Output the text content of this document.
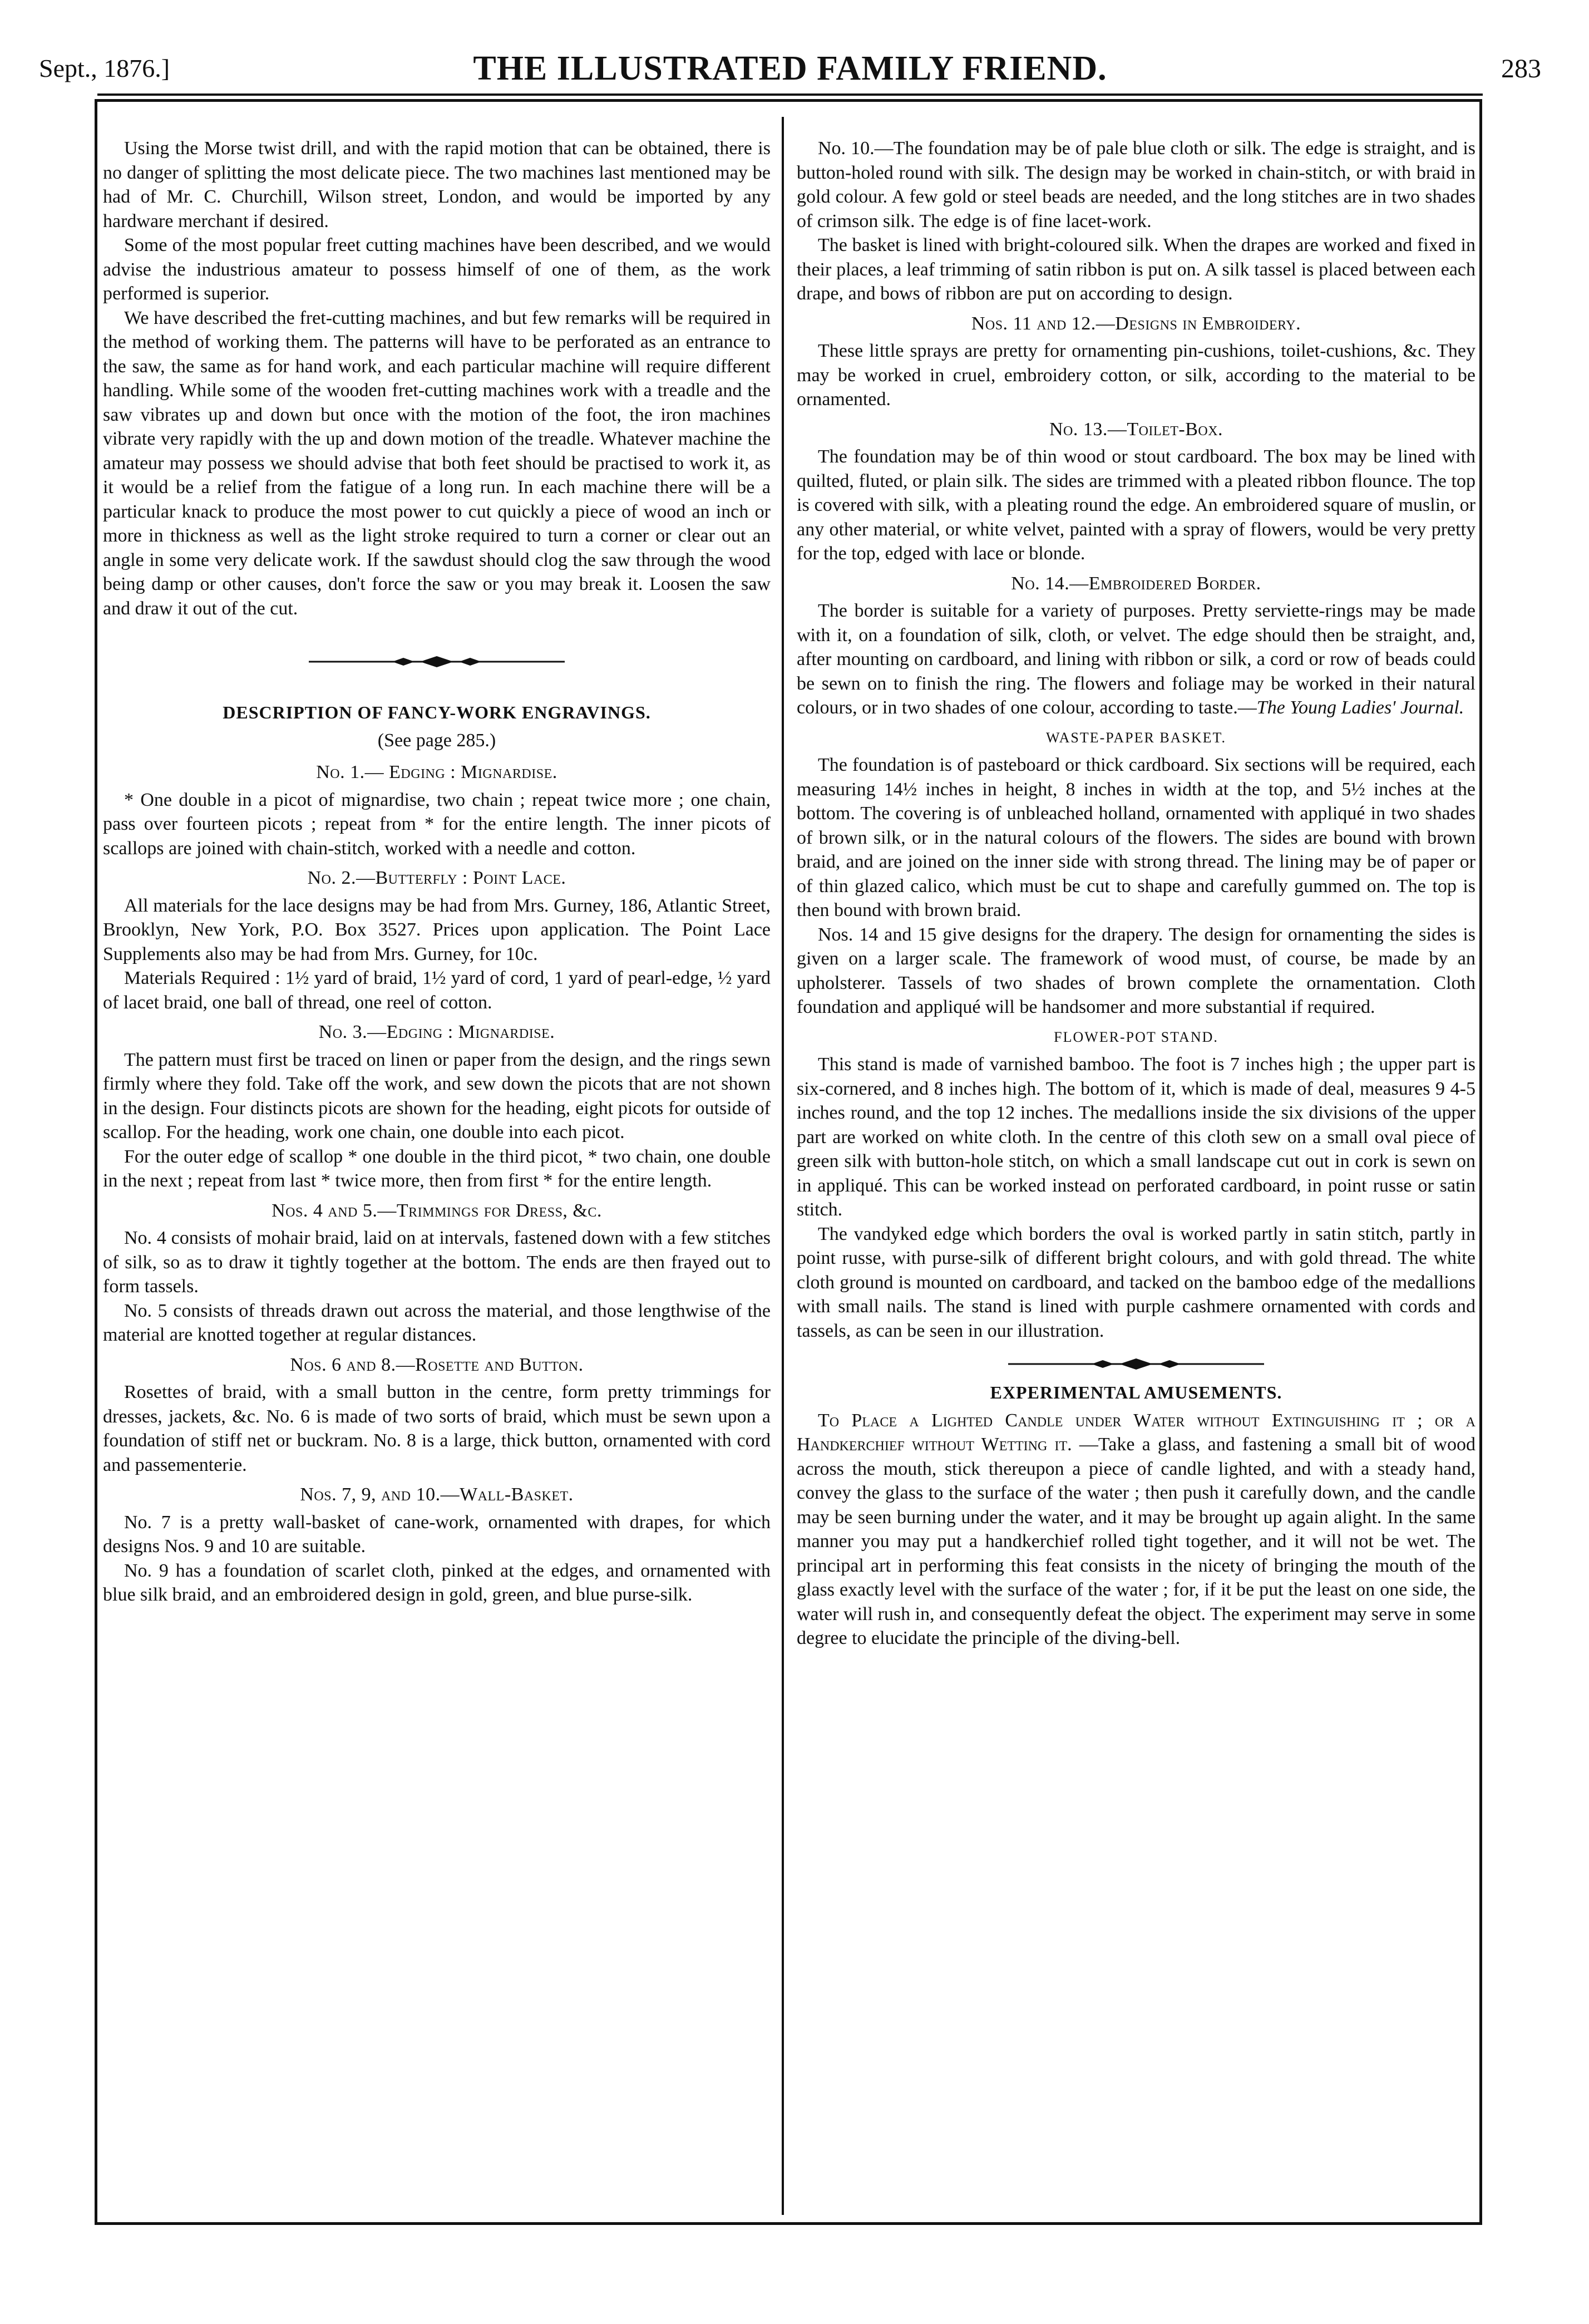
Sept., 1876.]	THE ILLUSTRATED FAMILY FRIEND.	283

Using the Morse twist drill, and with the rapid motion that can be obtained, there is no danger of splitting the most delicate piece. The two machines last mentioned may be had of Mr. C. Churchill, Wilson street, London, and would be imported by any hardware merchant if desired.

Some of the most popular freet cutting machines have been described, and we would advise the industrious amateur to possess himself of one of them, as the work performed is superior.

We have described the fret-cutting machines, and but few remarks will be required in the method of working them. The patterns will have to be perforated as an entrance to the saw, the same as for hand work, and each particular machine will require different handling. While some of the wooden fret-cutting machines work with a treadle and the saw vibrates up and down but once with the motion of the foot, the iron machines vibrate very rapidly with the up and down motion of the treadle. Whatever machine the amateur may possess we should advise that both feet should be practised to work it, as it would be a relief from the fatigue of a long run. In each machine there will be a particular knack to produce the most power to cut quickly a piece of wood an inch or more in thickness as well as the light stroke required to turn a corner or clear out an angle in some very delicate work. If the sawdust should clog the saw through the wood being damp or other causes, don't force the saw or you may break it. Loosen the saw and draw it out of the cut.

DESCRIPTION OF FANCY-WORK ENGRAVINGS.
(See page 285.)
No. 1.— Edging : Mignardise.

* One double in a picot of mignardise, two chain ; repeat twice more ; one chain, pass over fourteen picots ; repeat from * for the entire length. The inner picots of scallops are joined with chain-stitch, worked with a needle and cotton.

No. 2.—Butterfly : Point Lace.

All materials for the lace designs may be had from Mrs. Gurney, 186, Atlantic Street, Brooklyn, New York, P.O. Box 3527. Prices upon application. The Point Lace Supplements also may be had from Mrs. Gurney, for 10c.

Materials Required : 1½ yard of braid, 1½ yard of cord, 1 yard of pearl-edge, ½ yard of lacet braid, one ball of thread, one reel of cotton.

No. 3.—Edging : Mignardise.

The pattern must first be traced on linen or paper from the design, and the rings sewn firmly where they fold. Take off the work, and sew down the picots that are not shown in the design. Four distincts picots are shown for the heading, eight picots for outside of scallop. For the heading, work one chain, one double into each picot.

For the outer edge of scallop * one double in the third picot, * two chain, one double in the next ; repeat from last * twice more, then from first * for the entire length.

Nos. 4 and 5.—Trimmings for Dress, &c.

No. 4 consists of mohair braid, laid on at intervals, fastened down with a few stitches of silk, so as to draw it tightly together at the bottom. The ends are then frayed out to form tassels.

No. 5 consists of threads drawn out across the material, and those lengthwise of the material are knotted together at regular distances.

Nos. 6 and 8.—Rosette and Button.

Rosettes of braid, with a small button in the centre, form pretty trimmings for dresses, jackets, &c. No. 6 is made of two sorts of braid, which must be sewn upon a foundation of stiff net or buckram. No. 8 is a large, thick button, ornamented with cord and passementerie.

Nos. 7, 9, and 10.—Wall-Basket.

No. 7 is a pretty wall-basket of cane-work, ornamented with drapes, for which designs Nos. 9 and 10 are suitable.

No. 9 has a foundation of scarlet cloth, pinked at the edges, and ornamented with blue silk braid, and an embroidered design in gold, green, and blue purse-silk.

No. 10.—The foundation may be of pale blue cloth or silk. The edge is straight, and is button-holed round with silk. The design may be worked in chain-stitch, or with braid in gold colour. A few gold or steel beads are needed, and the long stitches are in two shades of crimson silk. The edge is of fine lacet-work.

The basket is lined with bright-coloured silk. When the drapes are worked and fixed in their places, a leaf trimming of satin ribbon is put on. A silk tassel is placed between each drape, and bows of ribbon are put on according to design.

Nos. 11 and 12.—Designs in Embroidery.

These little sprays are pretty for ornamenting pin-cushions, toilet-cushions, &c. They may be worked in cruel, embroidery cotton, or silk, according to the material to be ornamented.

No. 13.—Toilet-Box.

The foundation may be of thin wood or stout cardboard. The box may be lined with quilted, fluted, or plain silk. The sides are trimmed with a pleated ribbon flounce. The top is covered with silk, with a pleating round the edge. An embroidered square of muslin, or any other material, or white velvet, painted with a spray of flowers, would be very pretty for the top, edged with lace or blonde.

No. 14.—Embroidered Border.

The border is suitable for a variety of purposes. Pretty serviette-rings may be made with it, on a foundation of silk, cloth, or velvet. The edge should then be straight, and, after mounting on cardboard, and lining with ribbon or silk, a cord or row of beads could be sewn on to finish the ring. The flowers and foliage may be worked in their natural colours, or in two shades of one colour, according to taste.—The Young Ladies' Journal.

WASTE-PAPER BASKET.

The foundation is of pasteboard or thick cardboard. Six sections will be required, each measuring 14½ inches in height, 8 inches in width at the top, and 5½ inches at the bottom. The covering is of unbleached holland, ornamented with appliqué in two shades of brown silk, or in the natural colours of the flowers. The sides are bound with brown braid, and are joined on the inner side with strong thread. The lining may be of paper or of thin glazed calico, which must be cut to shape and carefully gummed on. The top is then bound with brown braid.

Nos. 14 and 15 give designs for the drapery. The design for ornamenting the sides is given on a larger scale. The framework of wood must, of course, be made by an upholsterer. Tassels of two shades of brown complete the ornamentation. Cloth foundation and appliqué will be handsomer and more substantial if required.

FLOWER-POT STAND.

This stand is made of varnished bamboo. The foot is 7 inches high ; the upper part is six-cornered, and 8 inches high. The bottom of it, which is made of deal, measures 9 4-5 inches round, and the top 12 inches. The medallions inside the six divisions of the upper part are worked on white cloth. In the centre of this cloth sew on a small oval piece of green silk with button-hole stitch, on which a small landscape cut out in cork is sewn on in appliqué. This can be worked instead on perforated cardboard, in point russe or satin stitch.

The vandyked edge which borders the oval is worked partly in satin stitch, partly in point russe, with purse-silk of different bright colours, and with gold thread. The white cloth ground is mounted on cardboard, and tacked on the bamboo edge of the medallions with small nails. The stand is lined with purple cashmere ornamented with cords and tassels, as can be seen in our illustration.

EXPERIMENTAL AMUSEMENTS.

To Place a Lighted Candle under Water without Extinguishing it ; or a Handkerchief without Wetting it. —Take a glass, and fastening a small bit of wood across the mouth, stick thereupon a piece of candle lighted, and with a steady hand, convey the glass to the surface of the water ; then push it carefully down, and the candle may be seen burning under the water, and it may be brought up again alight. In the same manner you may put a handkerchief rolled tight together, and it will not be wet. The principal art in performing this feat consists in the nicety of bringing the mouth of the glass exactly level with the surface of the water ; for, if it be put the least on one side, the water will rush in, and consequently defeat the object. The experiment may serve in some degree to elucidate the principle of the diving-bell.
